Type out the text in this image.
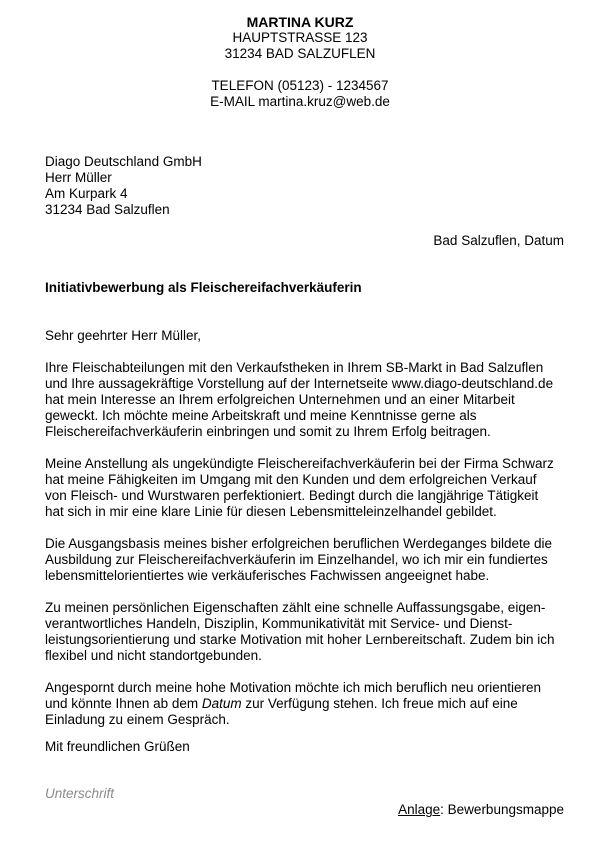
MARTINA KURZ
HAUPTSTRASSE 123
31234 BAD SALZUFLEN
TELEFON (05123) - 1234567
E-MAIL martina.kruz@web.de
Diago Deutschland GmbH
Herr Müller
Am Kurpark 4
31234 Bad Salzuflen
Bad Salzuflen, Datum
Initiativbewerbung als Fleischereifachverkäuferin

Sehr geehrter Herr Müller,

Ihre Fleischabteilungen mit den Verkaufstheken in Ihrem SB-Markt in Bad Salzuflen
und Ihre aussagekräftige Vorstellung auf der Internetseite www.diago-deutschland.de
hat mein Interesse an Ihrem erfolgreichen Unternehmen und an einer Mitarbeit
geweckt. Ich möchte meine Arbeitskraft und meine Kenntnisse gerne als
Fleischereifachverkäuferin einbringen und somit zu Ihrem Erfolg beitragen.

Meine Anstellung als ungekündigte Fleischereifachverkäuferin bei der Firma Schwarz
hat meine Fähigkeiten im Umgang mit den Kunden und dem erfolgreichen Verkauf
von Fleisch- und Wurstwaren perfektioniert. Bedingt durch die langjährige Tätigkeit
hat sich in mir eine klare Linie für diesen Lebensmitteleinzelhandel gebildet.

Die Ausgangsbasis meines bisher erfolgreichen beruflichen Werdeganges bildete die
Ausbildung zur Fleischereifachverkäuferin im Einzelhandel, wo ich mir ein fundiertes
lebensmittelorientiertes wie verkäuferisches Fachwissen angeeignet habe.

Zu meinen persönlichen Eigenschaften zählt eine schnelle Auffassungsgabe, eigen-
verantwortliches Handeln, Disziplin, Kommunikativität mit Service- und Dienst-
leistungsorientierung und starke Motivation mit hoher Lernbereitschaft. Zudem bin ich
flexibel und nicht standortgebunden.

Angespornt durch meine hohe Motivation möchte ich mich beruflich neu orientieren
und könnte Ihnen ab dem Datum zur Verfügung stehen. Ich freue mich auf eine
Einladung zu einem Gespräch.

Mit freundlichen Grüßen
Unterschrift
Anlage: Bewerbungsmappe
